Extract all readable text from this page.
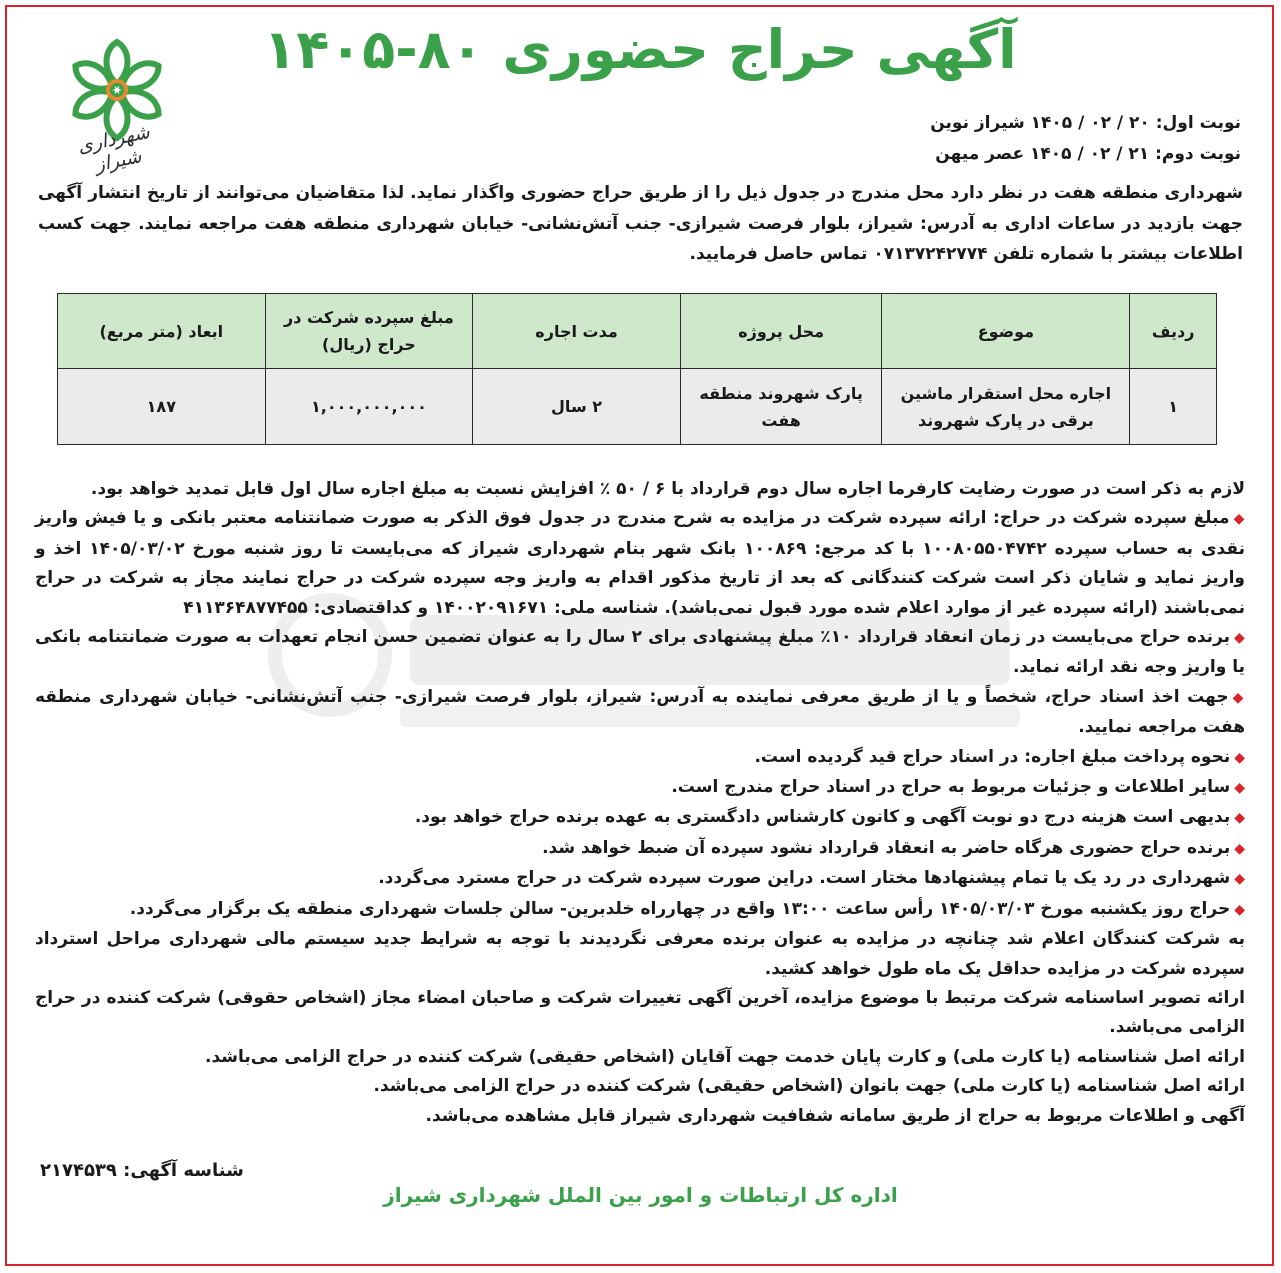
شهرداری شیراز
آگهی حراج حضوری ۸۰-۱۴۰۵
نوبت اول: ۲۰ / ۰۲ / ۱۴۰۵ شیراز نوین
نوبت دوم: ۲۱ / ۰۲ / ۱۴۰۵ عصر میهن
شهرداری منطقه هفت در نظر دارد محل مندرج در جدول ذیل را از طریق حراج حضوری واگذار نماید. لذا متقاضیان می‌توانند از تاریخ انتشار آگهی جهت بازدید در ساعات اداری به آدرس: شیراز، بلوار فرصت شیرازی- جنب آتش‌نشانی- خیابان شهرداری منطقه هفت مراجعه نمایند. جهت کسب اطلاعات بیشتر با شماره تلفن ۰۷۱۳۷۲۴۲۷۷۴ تماس حاصل فرمایید.
ردیف	موضوع	محل پروژه	مدت اجاره	مبلغ سپرده شرکت در حراج (ریال)	ابعاد (متر مربع)
۱	اجاره محل استقرار ماشین برقی در پارک شهروند	پارک شهروند منطقه هفت	۲ سال	۱,۰۰۰,۰۰۰,۰۰۰	۱۸۷

لازم به ذکر است در صورت رضایت کارفرما اجاره سال دوم قرارداد با ۶ / ۵۰ ٪ افزایش نسبت به مبلغ اجاره سال اول قابل تمدید خواهد بود.

◆مبلغ سپرده شرکت در حراج: ارائه سپرده شرکت در مزایده به شرح مندرج در جدول فوق الذکر به صورت ضمانتنامه معتبر بانکی و یا فیش واریز نقدی به حساب سپرده ۱۰۰۸۰۵۵۰۴۷۴۲ با کد مرجع: ۱۰۰۸۶۹ بانک شهر بنام شهرداری شیراز که می‌بایست تا روز شنبه مورخ ۱۴۰۵/۰۳/۰۲ اخذ و واریز نماید و شایان ذکر است شرکت کنندگانی که بعد از تاریخ مذکور اقدام به واریز وجه سپرده شرکت در حراج نمایند مجاز به شرکت در حراج نمی‌باشند (ارائه سپرده غیر از موارد اعلام شده مورد قبول نمی‌باشد). شناسه ملی: ۱۴۰۰۲۰۹۱۶۷۱ و کداقتصادی: ۴۱۱۳۶۴۸۷۷۴۵۵

◆برنده حراج می‌بایست در زمان انعقاد قرارداد ۱۰٪ مبلغ پیشنهادی برای ۲ سال را به عنوان تضمین حسن انجام تعهدات به صورت ضمانتنامه بانکی یا واریز وجه نقد ارائه نماید.

◆جهت اخذ اسناد حراج، شخصاً و یا از طریق معرفی نماینده به آدرس: شیراز، بلوار فرصت شیرازی- جنب آتش‌نشانی- خیابان شهرداری منطقه هفت مراجعه نمایید.

◆نحوه پرداخت مبلغ اجاره: در اسناد حراج قید گردیده است.

◆سایر اطلاعات و جزئیات مربوط به حراج در اسناد حراج مندرج است.

◆بدیهی است هزینه درج دو نوبت آگهی و کانون کارشناس دادگستری به عهده برنده حراج خواهد بود.

◆برنده حراج حضوری هرگاه حاضر به انعقاد قرارداد نشود سپرده آن ضبط خواهد شد.

◆شهرداری در رد یک یا تمام پیشنهادها مختار است. دراین صورت سپرده شرکت در حراج مسترد می‌گردد.

◆حراج روز یکشنبه مورخ ۱۴۰۵/۰۳/۰۳ رأس ساعت ۱۳:۰۰ واقع در چهارراه خلدبرین- سالن جلسات شهرداری منطقه یک برگزار می‌گردد.

به شرکت کنندگان اعلام شد چنانچه در مزایده به عنوان برنده معرفی نگردیدند با توجه به شرایط جدید سیستم مالی شهرداری مراحل استرداد سپرده شرکت در مزایده حداقل یک ماه طول خواهد کشید.

ارائه تصویر اساسنامه شرکت مرتبط با موضوع مزایده، آخرین آگهی تغییرات شرکت و صاحبان امضاء مجاز (اشخاص حقوقی) شرکت کننده در حراج الزامی می‌باشد.

ارائه اصل شناسنامه (یا کارت ملی) و کارت پایان خدمت جهت آقایان (اشخاص حقیقی) شرکت کننده در حراج الزامی می‌باشد.

ارائه اصل شناسنامه (یا کارت ملی) جهت بانوان (اشخاص حقیقی) شرکت کننده در حراج الزامی می‌باشد.

آگهی و اطلاعات مربوط به حراج از طریق سامانه شفافیت شهرداری شیراز قابل مشاهده می‌باشد.

شناسه آگهی: ۲۱۷۴۵۳۹
اداره کل ارتباطات و امور بین الملل شهرداری شیراز
